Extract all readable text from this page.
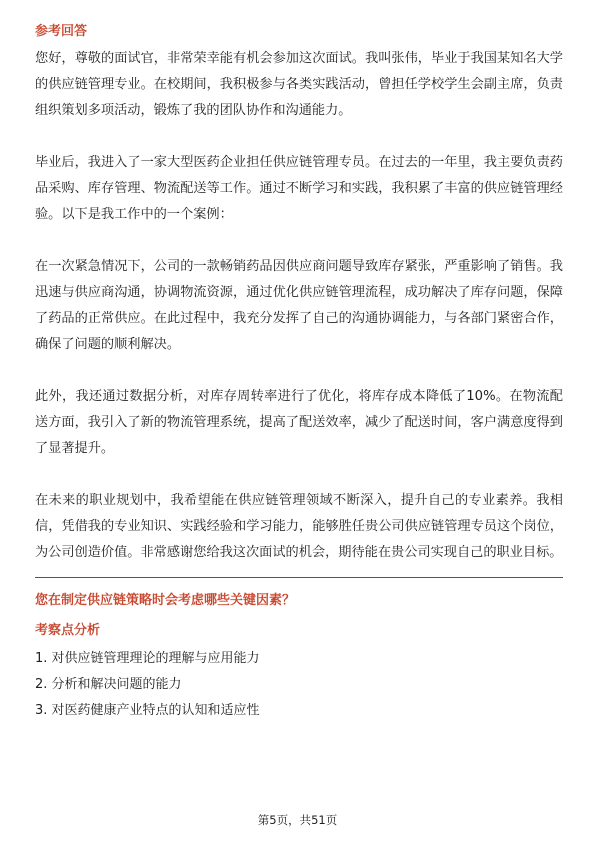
参考回答

您好，尊敬的面试官，非常荣幸能有机会参加这次面试。我叫张伟，毕业于我国某知名大学的供应链管理专业。在校期间，我积极参与各类实践活动，曾担任学校学生会副主席，负责组织策划多项活动，锻炼了我的团队协作和沟通能力。

毕业后，我进入了一家大型医药企业担任供应链管理专员。在过去的一年里，我主要负责药品采购、库存管理、物流配送等工作。通过不断学习和实践，我积累了丰富的供应链管理经验。以下是我工作中的一个案例：

在一次紧急情况下，公司的一款畅销药品因供应商问题导致库存紧张，严重影响了销售。我迅速与供应商沟通，协调物流资源，通过优化供应链管理流程，成功解决了库存问题，保障了药品的正常供应。在此过程中，我充分发挥了自己的沟通协调能力，与各部门紧密合作，确保了问题的顺利解决。

此外，我还通过数据分析，对库存周转率进行了优化，将库存成本降低了10%。在物流配送方面，我引入了新的物流管理系统，提高了配送效率，减少了配送时间，客户满意度得到了显著提升。

在未来的职业规划中，我希望能在供应链管理领域不断深入，提升自己的专业素养。我相信，凭借我的专业知识、实践经验和学习能力，能够胜任贵公司供应链管理专员这个岗位，为公司创造价值。非常感谢您给我这次面试的机会，期待能在贵公司实现自己的职业目标。

您在制定供应链策略时会考虑哪些关键因素？

考察点分析
1. 对供应链管理理论的理解与应用能力
2. 分析和解决问题的能力
3. 对医药健康产业特点的认知和适应性
第5页，共51页
